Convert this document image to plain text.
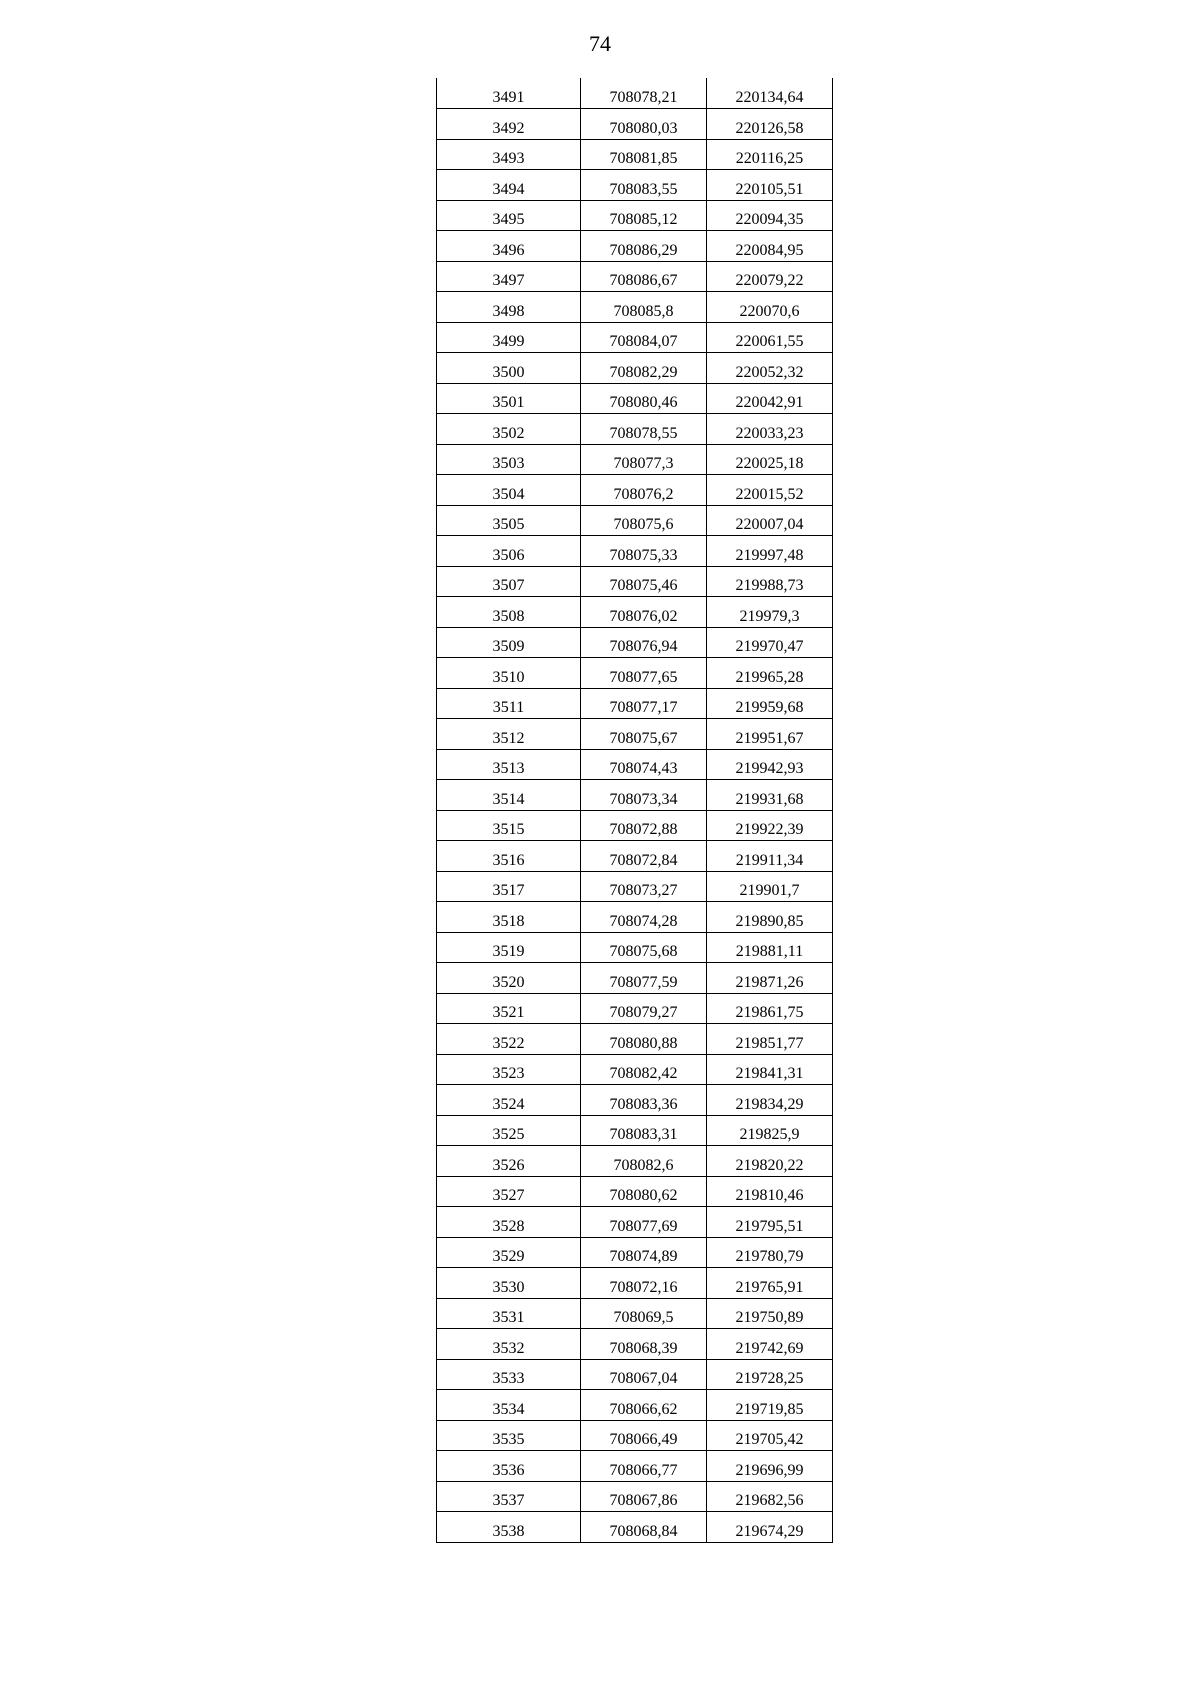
74
3491	708078,21	220134,64
3492	708080,03	220126,58
3493	708081,85	220116,25
3494	708083,55	220105,51
3495	708085,12	220094,35
3496	708086,29	220084,95
3497	708086,67	220079,22
3498	708085,8	220070,6
3499	708084,07	220061,55
3500	708082,29	220052,32
3501	708080,46	220042,91
3502	708078,55	220033,23
3503	708077,3	220025,18
3504	708076,2	220015,52
3505	708075,6	220007,04
3506	708075,33	219997,48
3507	708075,46	219988,73
3508	708076,02	219979,3
3509	708076,94	219970,47
3510	708077,65	219965,28
3511	708077,17	219959,68
3512	708075,67	219951,67
3513	708074,43	219942,93
3514	708073,34	219931,68
3515	708072,88	219922,39
3516	708072,84	219911,34
3517	708073,27	219901,7
3518	708074,28	219890,85
3519	708075,68	219881,11
3520	708077,59	219871,26
3521	708079,27	219861,75
3522	708080,88	219851,77
3523	708082,42	219841,31
3524	708083,36	219834,29
3525	708083,31	219825,9
3526	708082,6	219820,22
3527	708080,62	219810,46
3528	708077,69	219795,51
3529	708074,89	219780,79
3530	708072,16	219765,91
3531	708069,5	219750,89
3532	708068,39	219742,69
3533	708067,04	219728,25
3534	708066,62	219719,85
3535	708066,49	219705,42
3536	708066,77	219696,99
3537	708067,86	219682,56
3538	708068,84	219674,29
